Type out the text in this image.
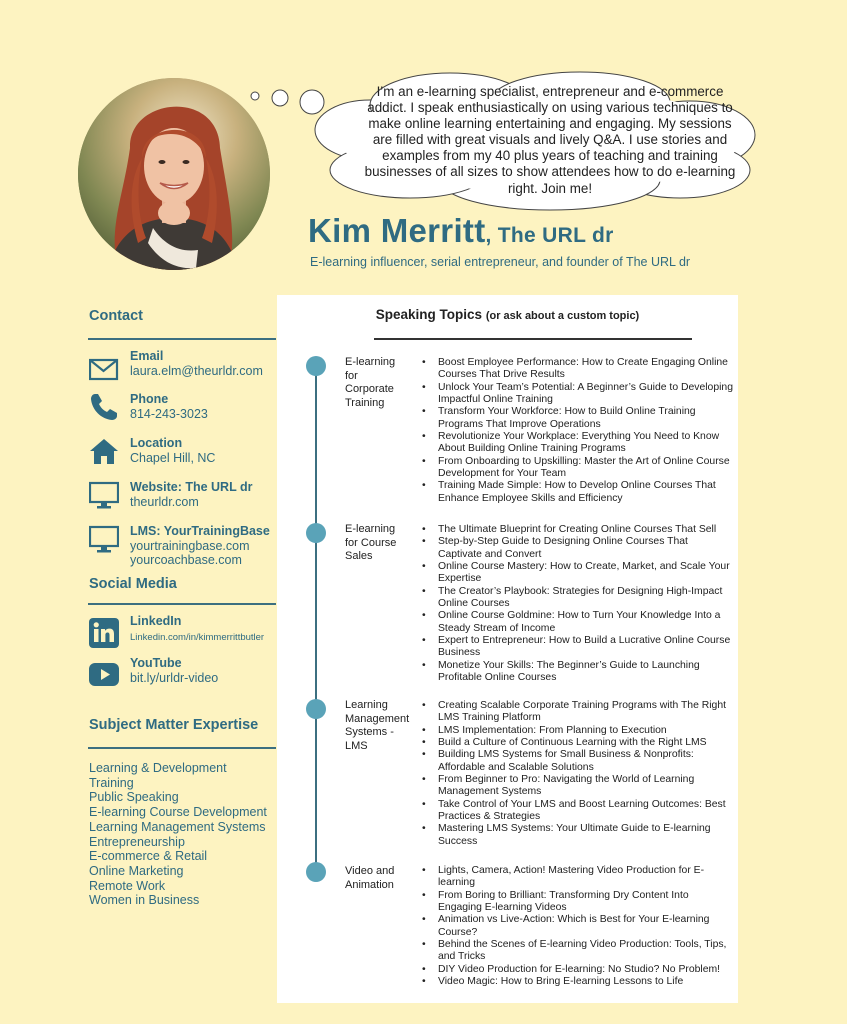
I’m an e-learning specialist, entrepreneur and e-commerce addict. I speak enthusiastically on using various techniques to make online learning entertaining and engaging. My sessions are filled with great visuals and lively Q&A. I use stories and examples from my 40 plus years of teaching and training businesses of all sizes to show attendees how to do e-learning right. Join me!
Kim Merritt, The URL dr
E-learning influencer, serial entrepreneur, and founder of The URL dr
Contact
Email
laura.elm@theurldr.com
Phone
814-243-3023
Location
Chapel Hill, NC
Website: The URL dr
theurldr.com
LMS: YourTrainingBase
yourtrainingbase.com
yourcoachbase.com
Social Media
LinkedIn
Linkedin.com/in/kimmerrittbutler
YouTube
bit.ly/urldr-video
Subject Matter Expertise
Learning & Development
Training
Public Speaking
E-learning Course Development
Learning Management Systems
Entrepreneurship
E-commerce & Retail
Online Marketing
Remote Work
Women in Business
Speaking Topics (or ask about a custom topic)
E-learning for Corporate Training
• Boost Employee Performance: How to Create Engaging Online Courses That Drive Results
• Unlock Your Team’s Potential: A Beginner’s Guide to Developing Impactful Online Training
• Transform Your Workforce: How to Build Online Training Programs That Improve Operations
• Revolutionize Your Workplace: Everything You Need to Know About Building Online Training Programs
• From Onboarding to Upskilling: Master the Art of Online Course Development for Your Team
• Training Made Simple: How to Develop Online Courses That Enhance Employee Skills and Efficiency
E-learning for Course Sales
• The Ultimate Blueprint for Creating Online Courses That Sell
• Step-by-Step Guide to Designing Online Courses That Captivate and Convert
• Online Course Mastery: How to Create, Market, and Scale Your Expertise
• The Creator’s Playbook: Strategies for Designing High-Impact Online Courses
• Online Course Goldmine: How to Turn Your Knowledge Into a Steady Stream of Income
• Expert to Entrepreneur: How to Build a Lucrative Online Course Business
• Monetize Your Skills: The Beginner’s Guide to Launching Profitable Online Courses
Learning Management Systems - LMS
• Creating Scalable Corporate Training Programs with The Right LMS Training Platform
• LMS Implementation: From Planning to Execution
• Build a Culture of Continuous Learning with the Right LMS
• Building LMS Systems for Small Business & Nonprofits: Affordable and Scalable Solutions
• From Beginner to Pro: Navigating the World of Learning Management Systems
• Take Control of Your LMS and Boost Learning Outcomes: Best Practices & Strategies
• Mastering LMS Systems: Your Ultimate Guide to E-learning Success
Video and Animation
• Lights, Camera, Action! Mastering Video Production for E-learning
• From Boring to Brilliant: Transforming Dry Content Into Engaging E-learning Videos
• Animation vs Live-Action: Which is Best for Your E-learning Course?
• Behind the Scenes of E-learning Video Production: Tools, Tips, and Tricks
• DIY Video Production for E-learning: No Studio? No Problem!
• Video Magic: How to Bring E-learning Lessons to Life
